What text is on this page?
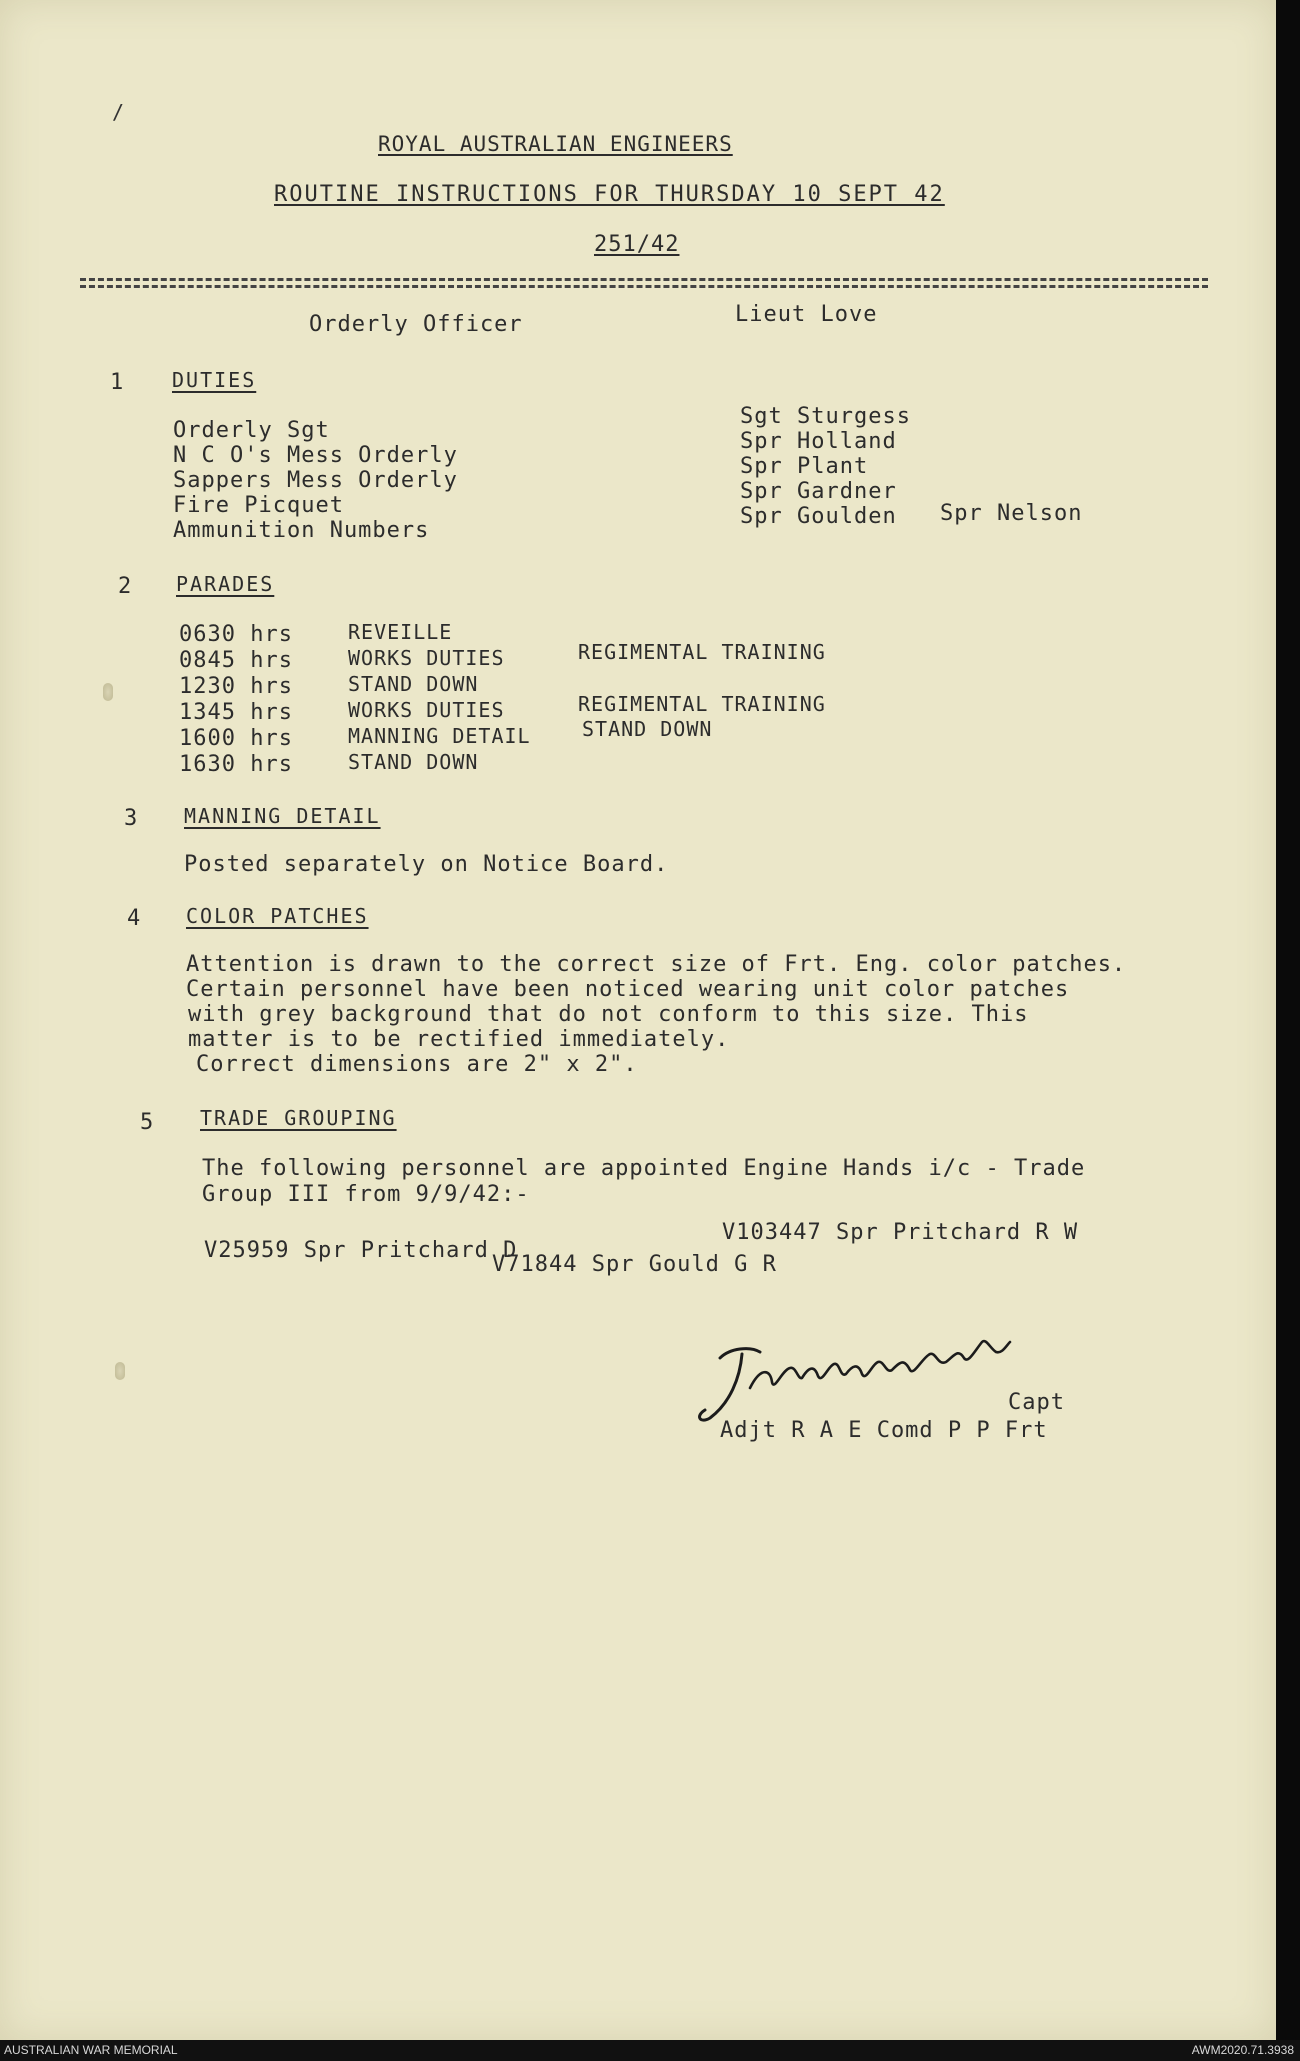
/
ROYAL AUSTRALIAN ENGINEERS
ROUTINE INSTRUCTIONS FOR THURSDAY 10 SEPT 42
251/42
Orderly Officer	Lieut Love
1 DUTIES
Orderly Sgt
N C O's Mess Orderly
Sappers Mess Orderly
Fire Picquet
Ammunition Numbers
Sgt Sturgess
Spr Holland
Spr Plant
Spr Gardner
Spr Goulden Spr Nelson
2 PARADES
0630 hrs
0845 hrs
1230 hrs
1345 hrs
1600 hrs
1630 hrs
REVEILLE
WORKS DUTIES
STAND DOWN
WORKS DUTIES
MANNING DETAIL
STAND DOWN
REGIMENTAL TRAINING
REGIMENTAL TRAINING
STAND DOWN
3 MANNING DETAIL
Posted separately on Notice Board.
4 COLOR PATCHES
Attention is drawn to the correct size of Frt. Eng. color patches.
Certain personnel have been noticed wearing unit color patches
with grey background that do not conform to this size. This
matter is to be rectified immediately.
Correct dimensions are 2" x 2".
5 TRADE GROUPING
The following personnel are appointed Engine Hands i/c - Trade
Group III from 9/9/42:-
V25959 Spr Pritchard D
V103447 Spr Pritchard R W
V71844 Spr Gould G R
Capt
Adjt R A E Comd P P Frt
AUSTRALIAN WAR MEMORIAL	AWM2020.71.3938
